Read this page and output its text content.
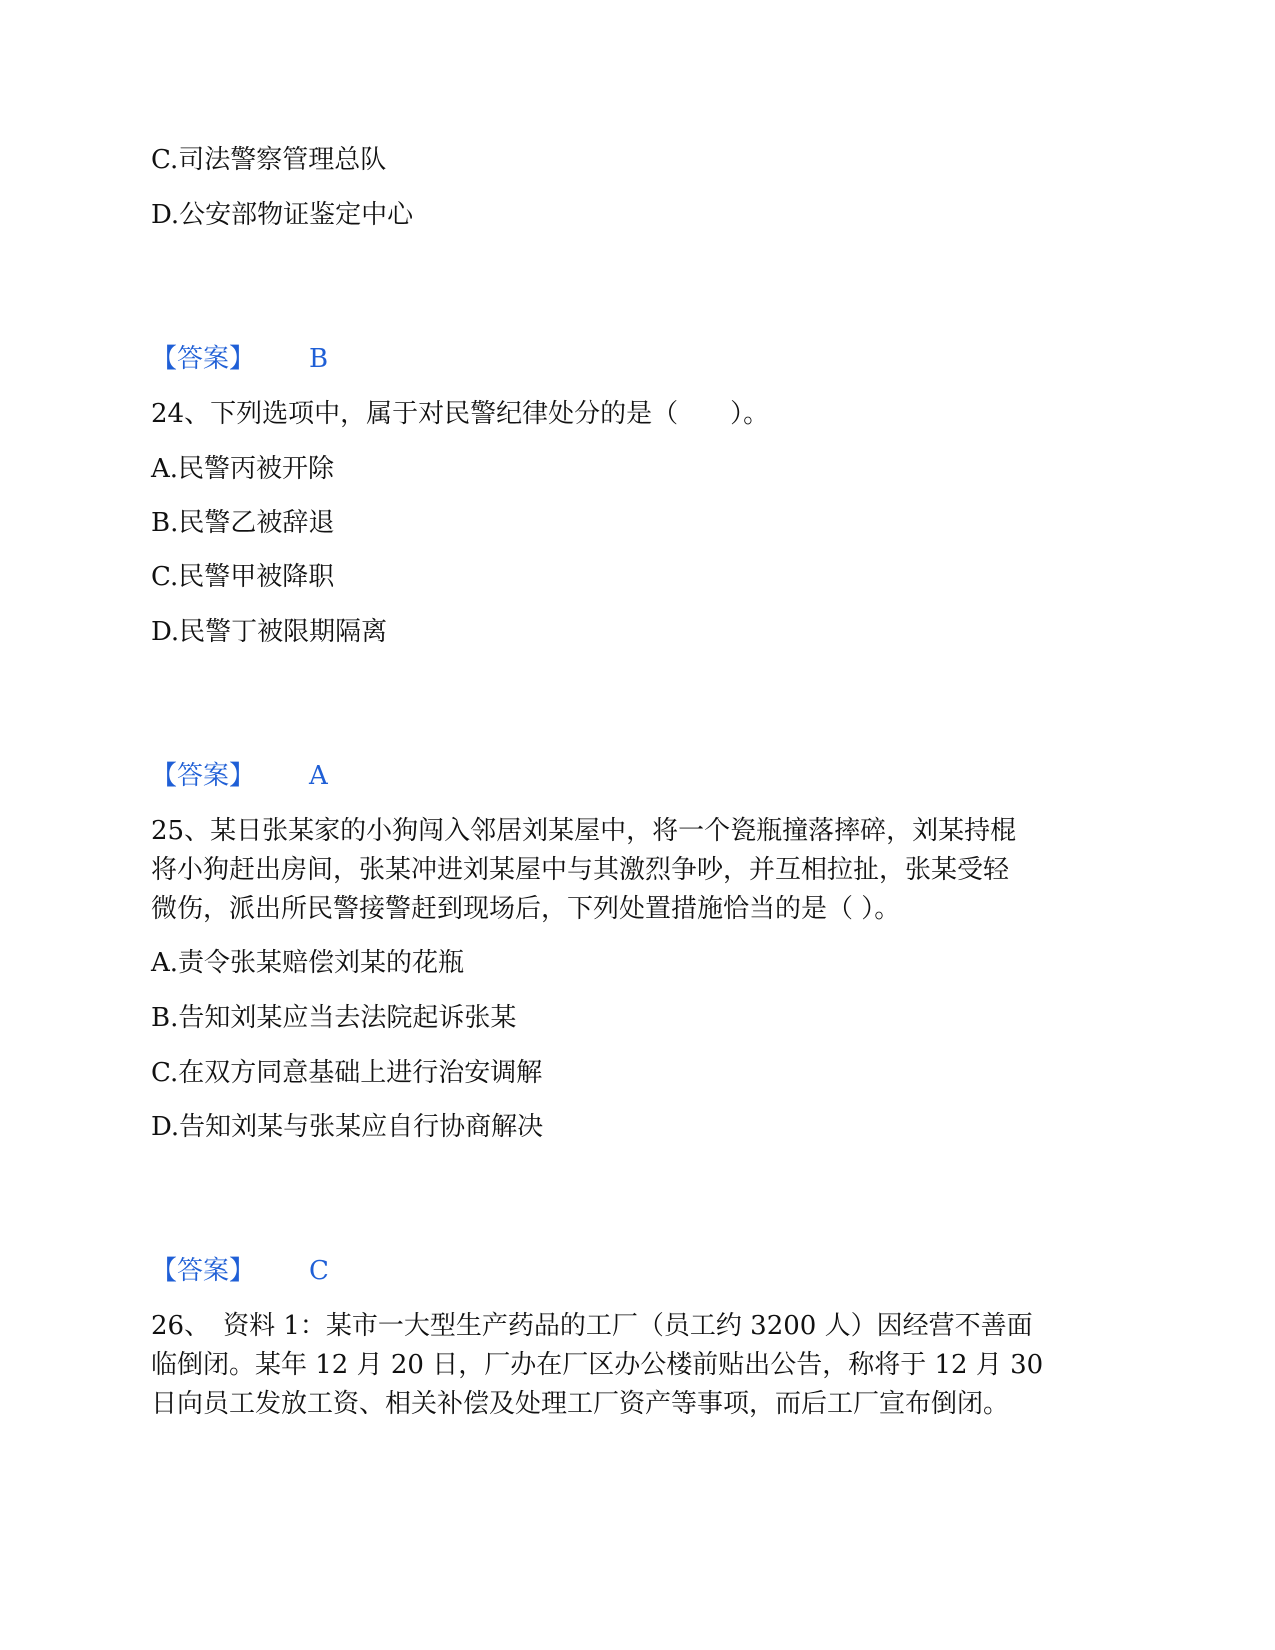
C.司法警察管理总队
D.公安部物证鉴定中心
【答案】 B
24、下列选项中，属于对民警纪律处分的是（　　）。
A.民警丙被开除
B.民警乙被辞退
C.民警甲被降职
D.民警丁被限期隔离
【答案】 A
25、某日张某家的小狗闯入邻居刘某屋中，将一个瓷瓶撞落摔碎，刘某持棍
将小狗赶出房间，张某冲进刘某屋中与其激烈争吵，并互相拉扯，张某受轻
微伤，派出所民警接警赶到现场后，下列处置措施恰当的是（ ）。
A.责令张某赔偿刘某的花瓶
B.告知刘某应当去法院起诉张某
C.在双方同意基础上进行治安调解
D.告知刘某与张某应自行协商解决
【答案】 C
26、　资料 1：某市一大型生产药品的工厂（员工约 3200 人）因经营不善面
临倒闭。某年 12 月 20 日，厂办在厂区办公楼前贴出公告，称将于 12 月 30
日向员工发放工资、相关补偿及处理工厂资产等事项，而后工厂宣布倒闭。
